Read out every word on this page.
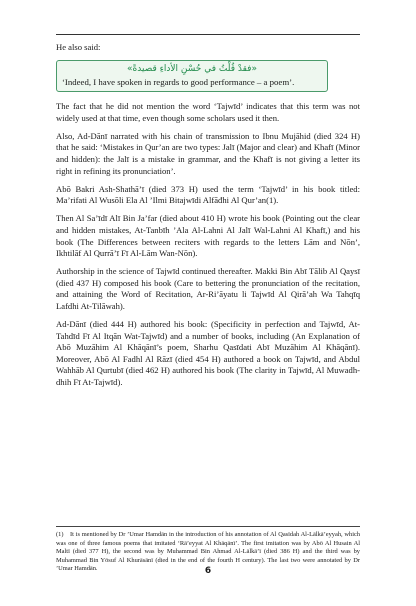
He also said:

«فقدْ قُلْتُ في حُسْنِ الأداءِ قصيدةً»
‘Indeed, I have spoken in regards to good performance – a poem’.

The fact that he did not mention the word ‘Tajwīd’ indicates that this term was not widely used at that time, even though some scholars used it then.

Also, Ad-Dānī narrated with his chain of transmission to Ibnu Mujāhid (died 324 H) that he said: ‘Mistakes in Qur’an are two types: Jalī (Major and clear) and Khafī (Minor and hidden): the Jalī is a mistake in grammar, and the Khafī is not giving a letter its right in refining its pronunciation’.

Abō Bakri Ash-Shathā’ī (died 373 H) used the term ‘Tajwīd’ in his book titled: Ma’rifati Al Wusōli Ela Al ’Ilmi Bitajwīdi Alfāđhi Al Qur’an(1).

Then Al Sa’īdī Alī Bin Ja’far (died about 410 H) wrote his book (Pointing out the clear and hidden mistakes, At-Tanbīh ’Ala Al-Lahni Al Jalī Wal-Lahni Al Khafī,) and his book (The Differences between reciters with regards to the letters Lām and Nōn’, Ikhtilāf Al Qurrā’ī Fī Al-Lām Wan-Nōn).

Authorship in the science of Tajwīd continued thereafter. Makki Bin Abī Tālib Al Qaysī (died 437 H) composed his book (Care to bettering the pronunciation of the recitation, and attaining the Word of Recitation, Ar-Ri’āyatu li Tajwīd Al Qirā’ah Wa Tahqīq Lafdhi At-Tilāwah).

Ad-Dānī (died 444 H) authored his book: (Specificity in perfection and Tajwīd, At-Tahdīd Fī Al Itqān Wat-Tajwīd) and a number of books, including (An Explanation of Abō Muzāhim Al Khāqānī’s poem, Sharhu Qasīdati Abī Muzāhim Al Khāqānī). Moreover, Abō Al Fadhl Al Rāzī (died 454 H) authored a book on Tajwīd, and Abdul Wahhāb Al Qurtubī (died 462 H) authored his book (The clarity in Tajwīd, Al Muwadh-dhih Fī At-Tajwīd).

(1) It is mentioned by Dr ’Umar Hamdān in the introduction of his annotation of Al Qasīdah Al-Lālkā’eyyah, which was one of three famous poems that imitated ‘Rā’eyyat Al Khāqānī’. The first imitation was by Abō Al Husain Al Maltī (died 377 H), the second was by Muhammad Bin Ahmad Al-Lālkā’ī (died 386 H) and the third was by Muhammad Bin Yōsuf Al Khurāsānī (died in the end of the fourth H century). The last two were annotated by Dr ’Umar Hamdān.	6
